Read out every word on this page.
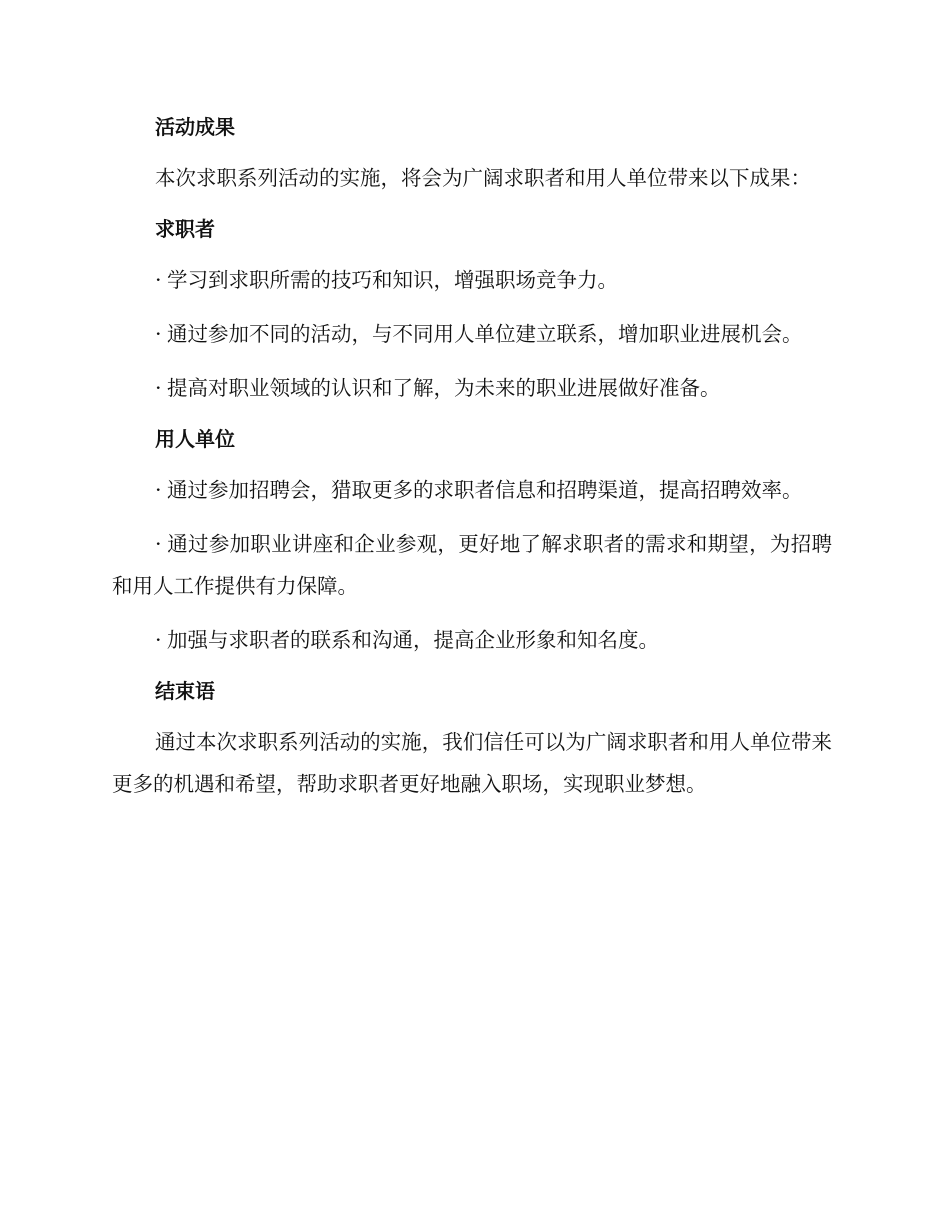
活动成果

本次求职系列活动的实施，将会为广阔求职者和用人单位带来以下成果：

求职者

· 学习到求职所需的技巧和知识，增强职场竞争力。

· 通过参加不同的活动，与不同用人单位建立联系，增加职业进展机会。

· 提高对职业领域的认识和了解，为未来的职业进展做好准备。

用人单位

· 通过参加招聘会，猎取更多的求职者信息和招聘渠道，提高招聘效率。

· 通过参加职业讲座和企业参观，更好地了解求职者的需求和期望，为招聘和用人工作提供有力保障。

· 加强与求职者的联系和沟通，提高企业形象和知名度。

结束语

通过本次求职系列活动的实施，我们信任可以为广阔求职者和用人单位带来更多的机遇和希望，帮助求职者更好地融入职场，实现职业梦想。
